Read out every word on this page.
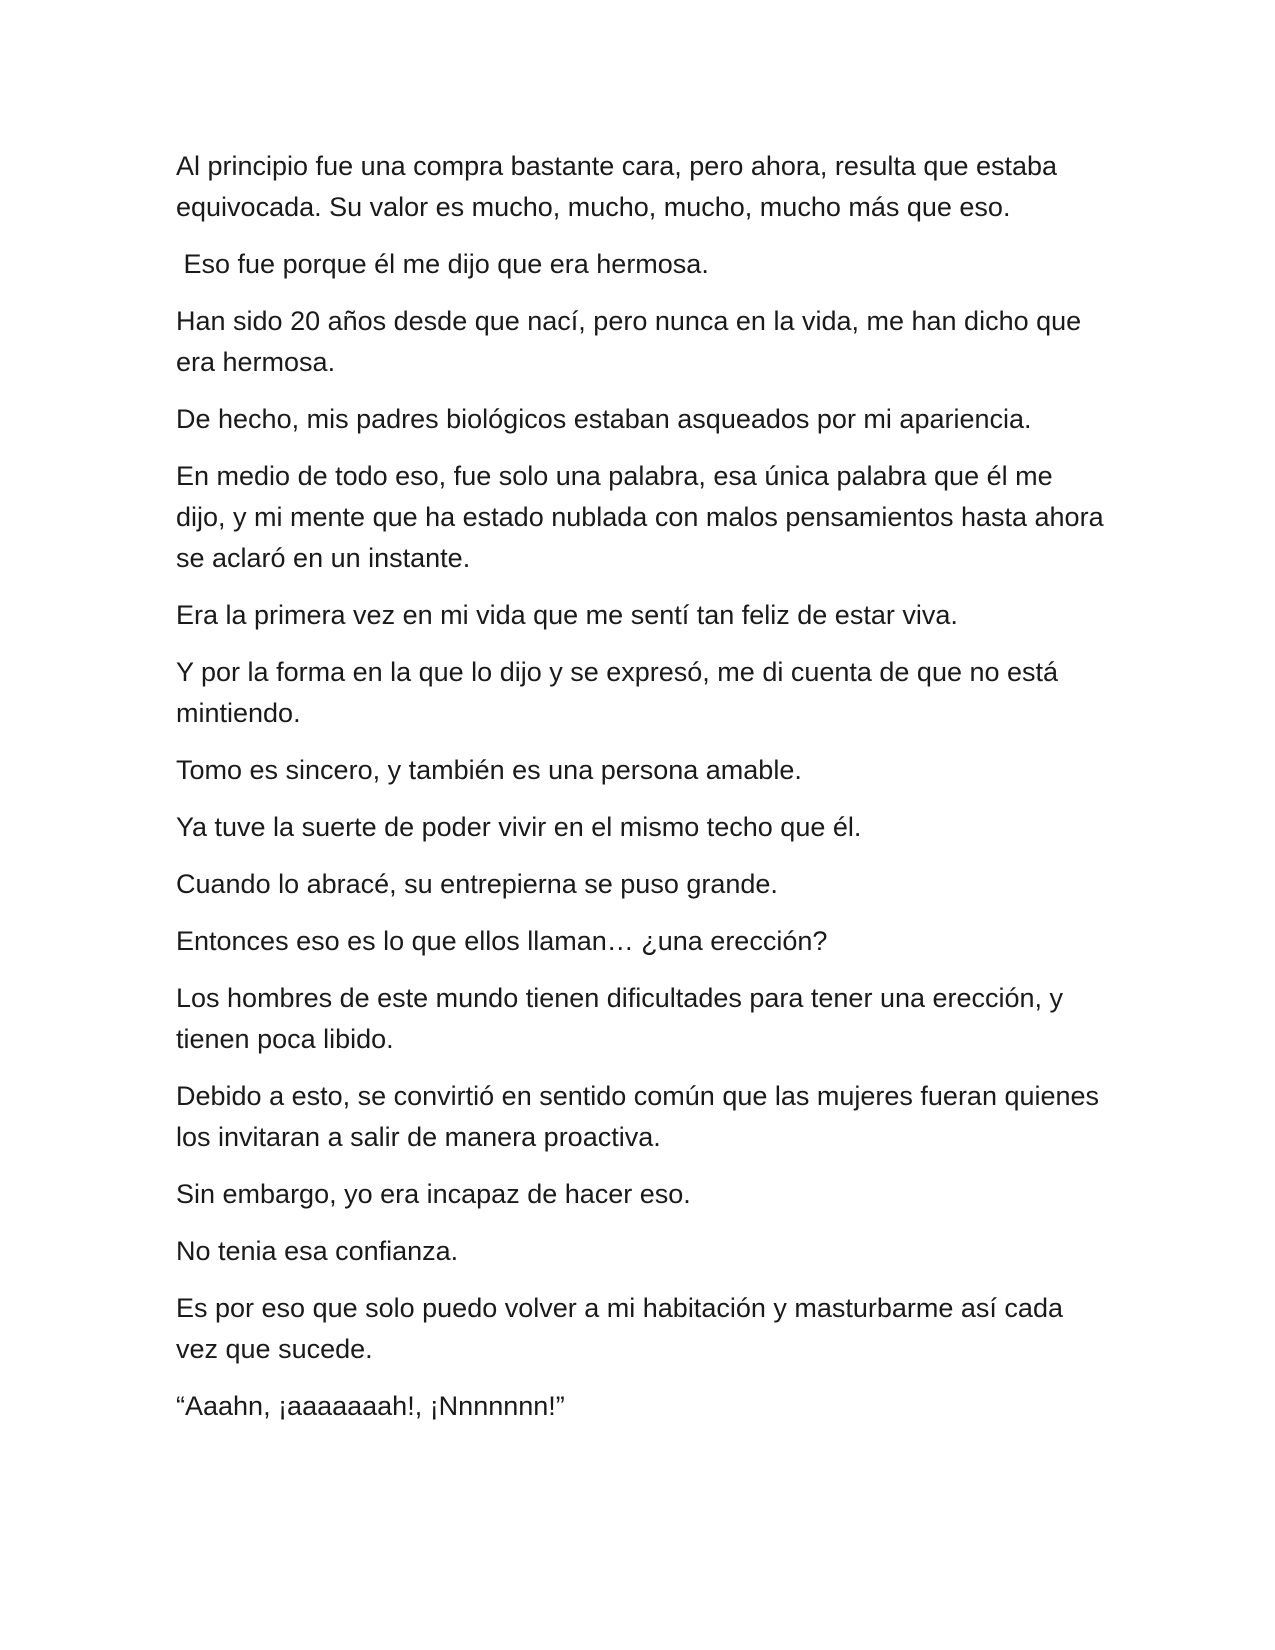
Al principio fue una compra bastante cara, pero ahora, resulta que estaba equivocada. Su valor es mucho, mucho, mucho, mucho más que eso.

Eso fue porque él me dijo que era hermosa.

Han sido 20 años desde que nací, pero nunca en la vida, me han dicho que era hermosa.

De hecho, mis padres biológicos estaban asqueados por mi apariencia.

En medio de todo eso, fue solo una palabra, esa única palabra que él me dijo, y mi mente que ha estado nublada con malos pensamientos hasta ahora se aclaró en un instante.

Era la primera vez en mi vida que me sentí tan feliz de estar viva.

Y por la forma en la que lo dijo y se expresó, me di cuenta de que no está mintiendo.

Tomo es sincero, y también es una persona amable.

Ya tuve la suerte de poder vivir en el mismo techo que él.

Cuando lo abracé, su entrepierna se puso grande.

Entonces eso es lo que ellos llaman… ¿una erección?

Los hombres de este mundo tienen dificultades para tener una erección, y tienen poca libido.

Debido a esto, se convirtió en sentido común que las mujeres fueran quienes los invitaran a salir de manera proactiva.

Sin embargo, yo era incapaz de hacer eso.

No tenia esa confianza.

Es por eso que solo puedo volver a mi habitación y masturbarme así cada vez que sucede.

“Aaahn, ¡aaaaaaah!, ¡Nnnnnnn!”
